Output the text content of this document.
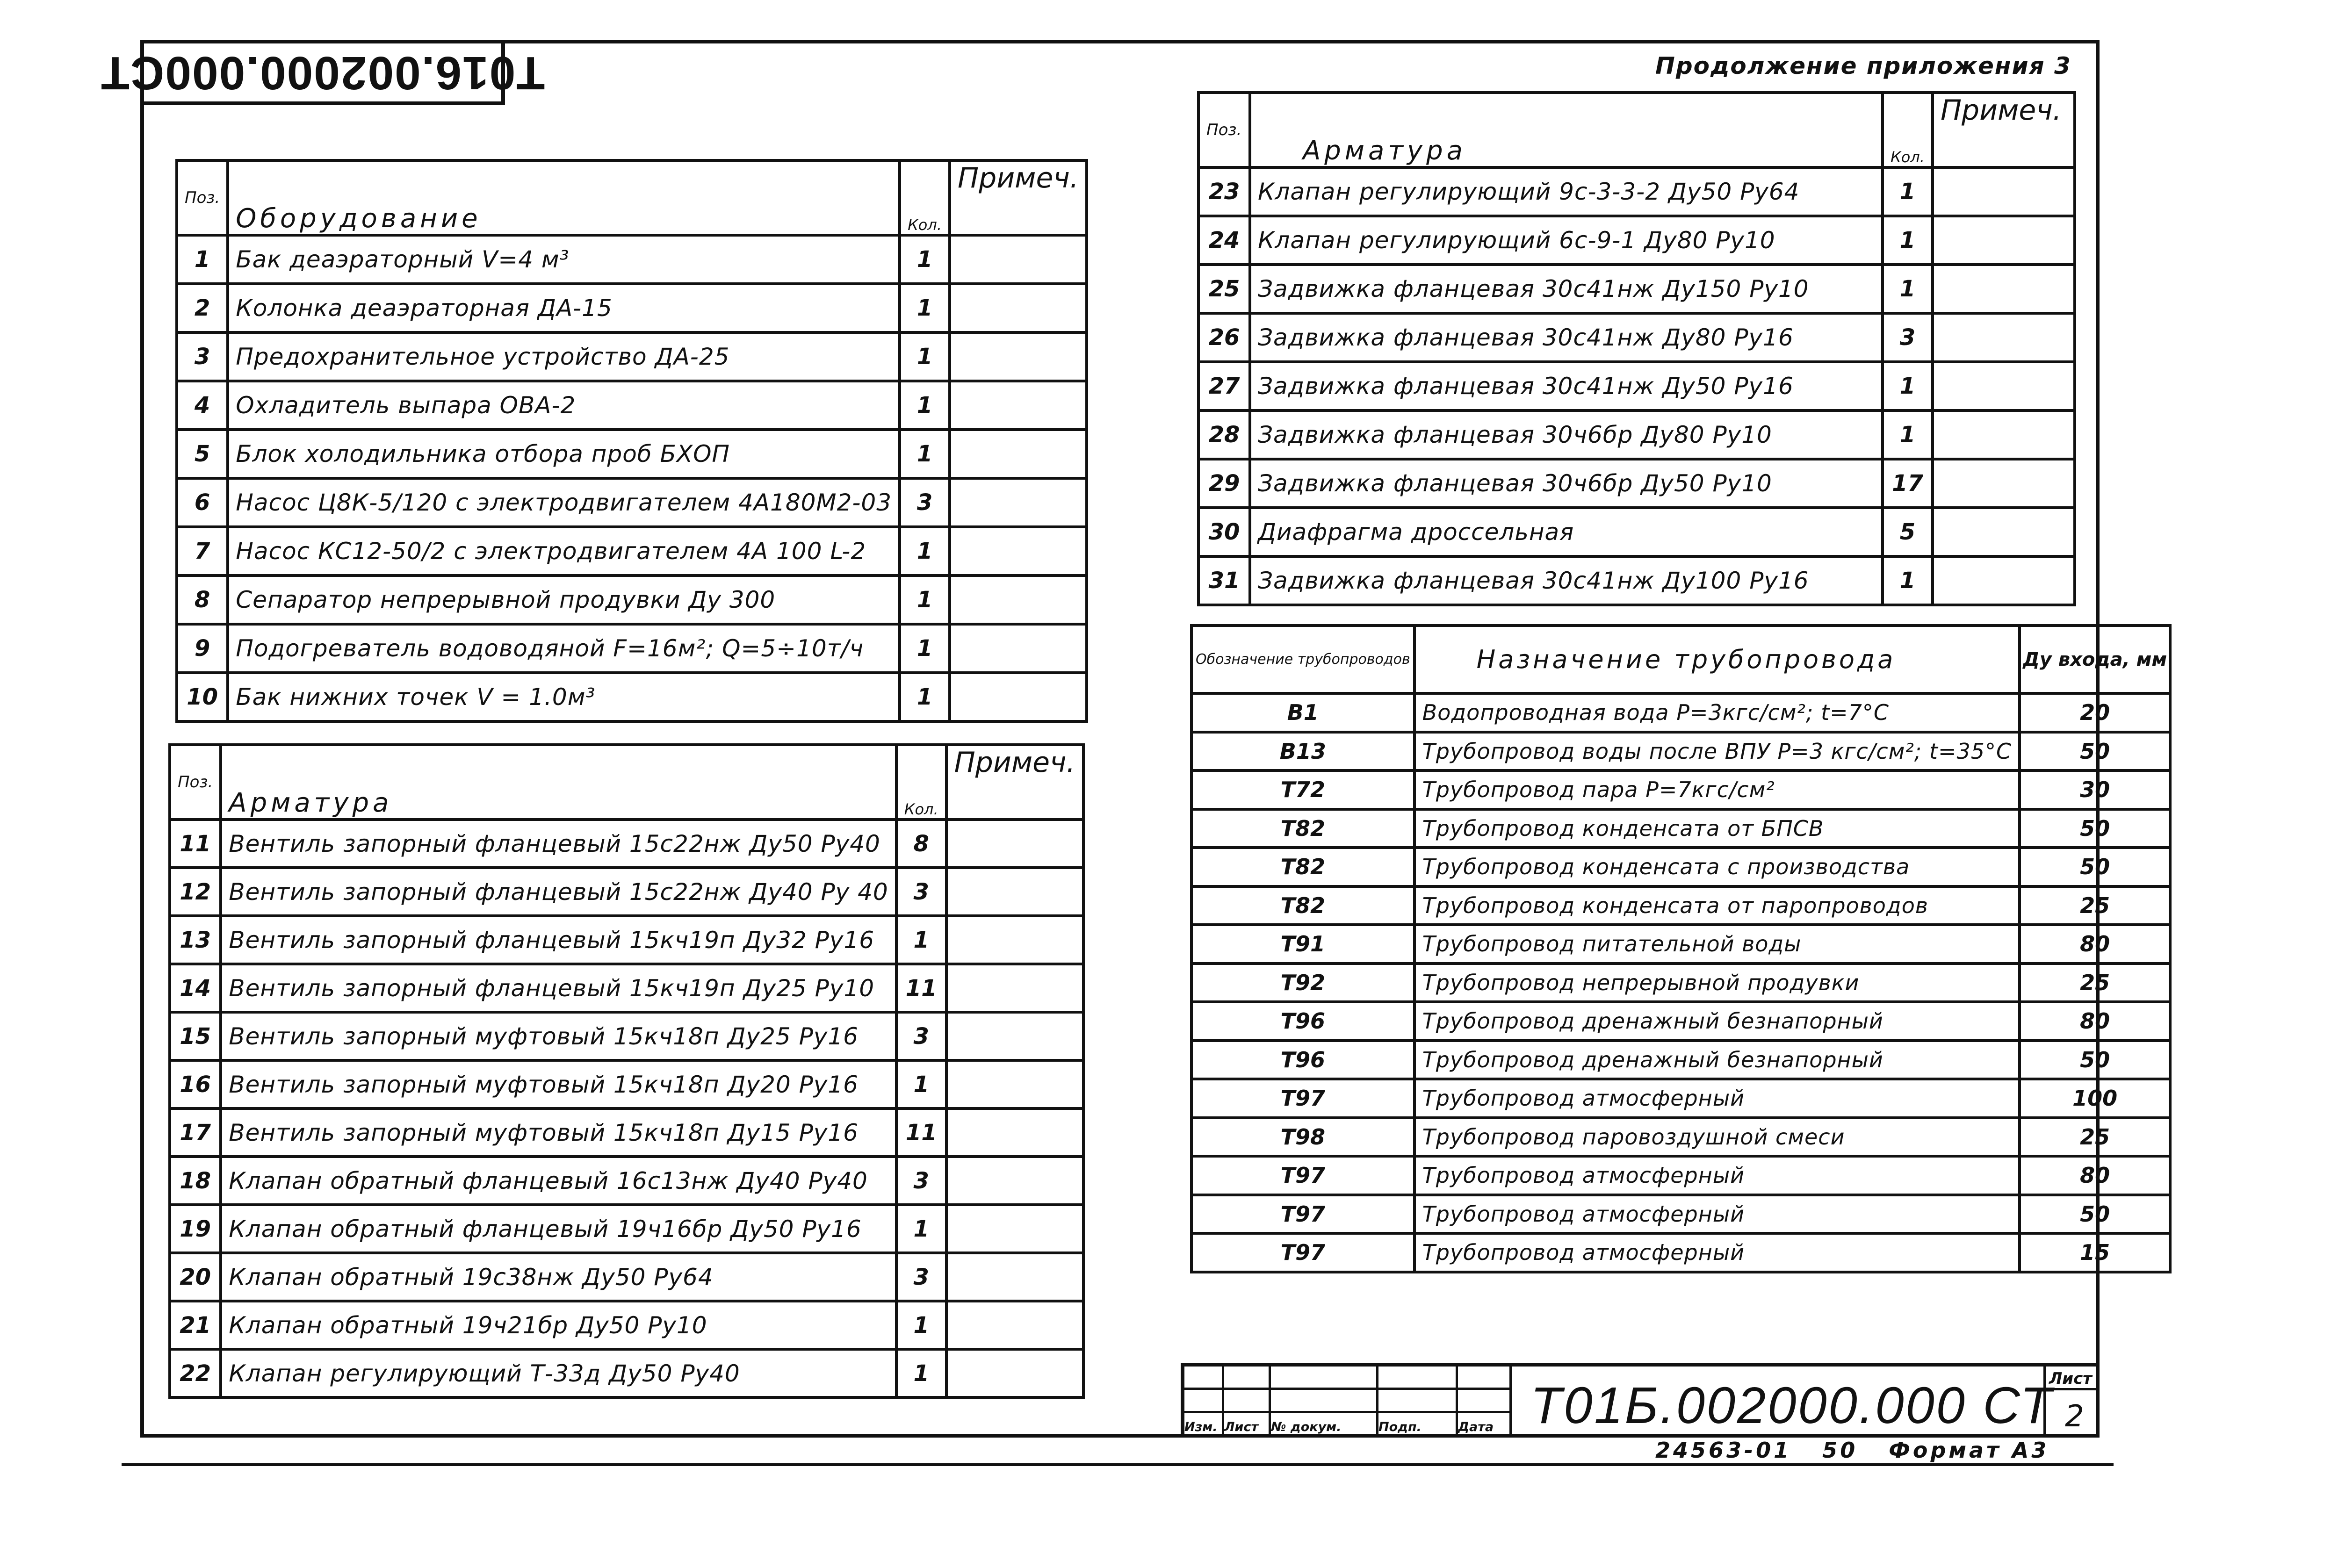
T016.002000.000CT	Продолжение приложения 3
Поз.	Оборудование	Кол.	Примеч.
1	Бак деаэраторный V=4 м³	1	
2	Колонка деаэраторная ДА-15	1	
3	Предохранительное устройство ДА-25	1	
4	Охладитель выпара ОВА-2	1	
5	Блок холодильника отбора проб БХОП	1	
6	Насос Ц8К-5/120 с электродвигателем 4А180М2-03	3	
7	Насос КС12-50/2 с электродвигателем 4А 100 L-2	1	
8	Сепаратор непрерывной продувки Ду 300	1	
9	Подогреватель водоводяной F=16м²; Q=5÷10т/ч	1	
10	Бак нижних точек V = 1.0м³	1	
Поз.	Арматура	Кол.	Примеч.
11	Вентиль запорный фланцевый 15с22нж Ду50 Ру40	8	
12	Вентиль запорный фланцевый 15с22нж Ду40 Ру 40	3	
13	Вентиль запорный фланцевый 15кч19п Ду32 Ру16	1	
14	Вентиль запорный фланцевый 15кч19п Ду25 Ру10	11	
15	Вентиль запорный муфтовый 15кч18п Ду25 Ру16	3	
16	Вентиль запорный муфтовый 15кч18п Ду20 Ру16	1	
17	Вентиль запорный муфтовый 15кч18п Ду15 Ру16	11	
18	Клапан обратный фланцевый 16с13нж Ду40 Ру40	3	
19	Клапан обратный фланцевый 19ч16бр Ду50 Ру16	1	
20	Клапан обратный 19с38нж Ду50 Ру64	3	
21	Клапан обратный 19ч21бр Ду50 Ру10	1	
22	Клапан регулирующий Т-33д Ду50 Ру40	1	
Поз.	Арматура	Кол.	Примеч.
23	Клапан регулирующий 9с-3-3-2 Ду50 Ру64	1	
24	Клапан регулирующий 6с-9-1 Ду80 Ру10	1	
25	Задвижка фланцевая 30с41нж Ду150 Ру10	1	
26	Задвижка фланцевая 30с41нж Ду80 Ру16	3	
27	Задвижка фланцевая 30с41нж Ду50 Ру16	1	
28	Задвижка фланцевая 30ч6бр Ду80 Ру10	1	
29	Задвижка фланцевая 30ч6бр Ду50 Ру10	17	
30	Диафрагма дроссельная	5	
31	Задвижка фланцевая 30с41нж Ду100 Ру16	1	
Обозначение трубопроводов	Назначение трубопровода	Ду входа, мм
В1	Водопроводная вода Р=3кгс/см²; t=7°С	20
В13	Трубопровод воды после ВПУ Р=3 кгс/см²; t=35°С	50
Т72	Трубопровод пара Р=7кгс/см²	30
Т82	Трубопровод конденсата от БПСВ	50
Т82	Трубопровод конденсата с производства	50
Т82	Трубопровод конденсата от паропроводов	25
Т91	Трубопровод питательной воды	80
Т92	Трубопровод непрерывной продувки	25
Т96	Трубопровод дренажный безнапорный	80
Т96	Трубопровод дренажный безнапорный	50
Т97	Трубопровод атмосферный	100
Т98	Трубопровод паровоздушной смеси	25
Т97	Трубопровод атмосферный	80
Т97	Трубопровод атмосферный	50
Т97	Трубопровод атмосферный	15
Изм. Лист № докум.	Подп.	Дата Т01Б.002000.000 СТ
Лист
2
24563-01   50   Формат А3
